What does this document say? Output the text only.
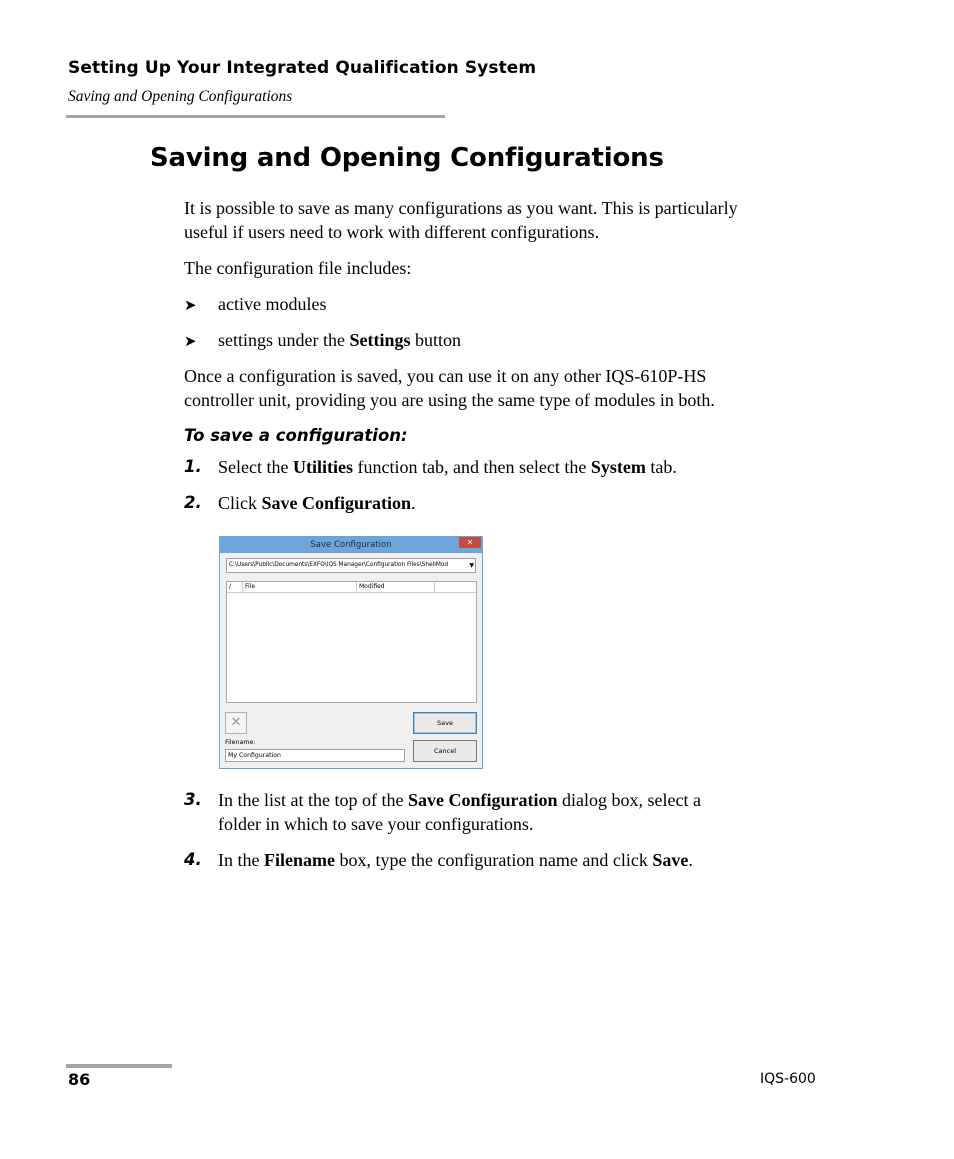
Setting Up Your Integrated Qualification System
Saving and Opening Configurations
Saving and Opening Configurations
It is possible to save as many configurations as you want. This is particularly
useful if users need to work with different configurations.
The configuration file includes:
➤ active modules
➤ settings under the Settings button
Once a configuration is saved, you can use it on any other IQS-610P-HS
controller unit, providing you are using the same type of modules in both.
To save a configuration:
1. Select the Utilities function tab, and then select the System tab.
2. Click Save Configuration.
Save Configuration	✕
C:\Users\Public\Documents\EXFO\IQS Manager\Configuration Files\ShellMod	▼
/	File	Modified
✕	Save
Cancel
Filename:
My Configuration
3. In the list at the top of the Save Configuration dialog box, select a
folder in which to save your configurations.
4. In the Filename box, type the configuration name and click Save.
86	IQS-600
